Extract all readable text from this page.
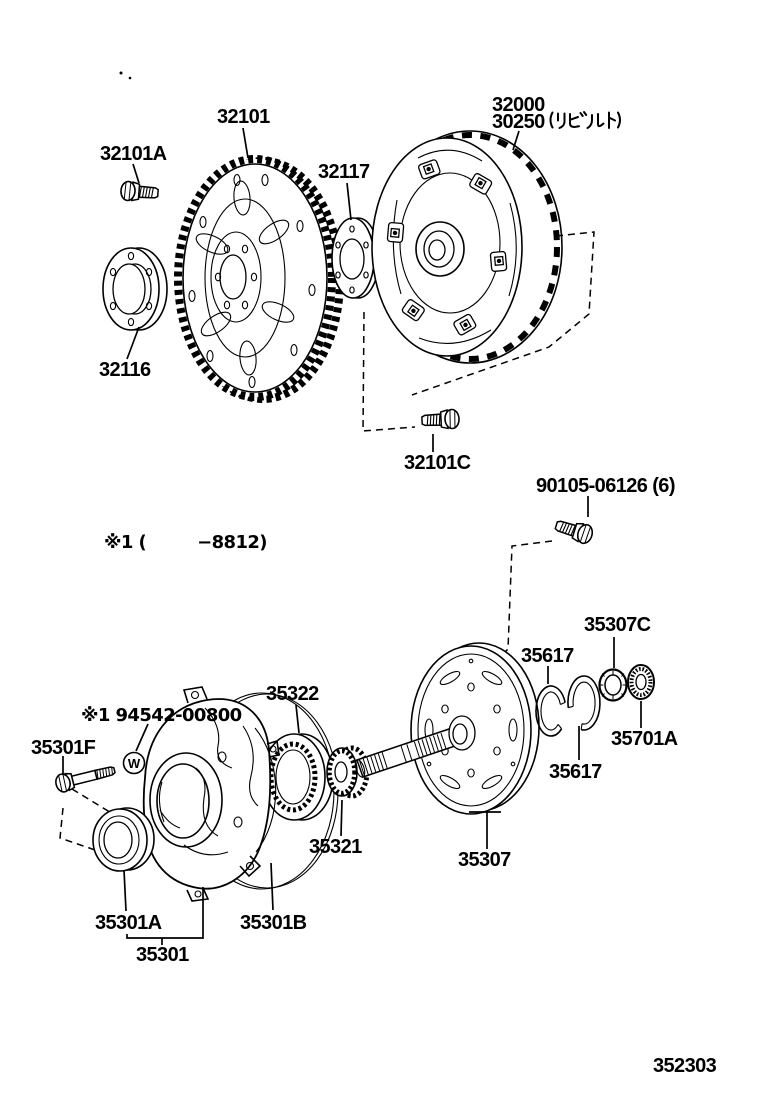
W
32101A
32101
32117
32000
30250
32116
32101C
90105-06126 (6)
※1 (         −8812)
35307C
35617
35701A
35617
35322
※1 94542-00800
35301F
35321
35307
35301A	35301B
35301
352303
